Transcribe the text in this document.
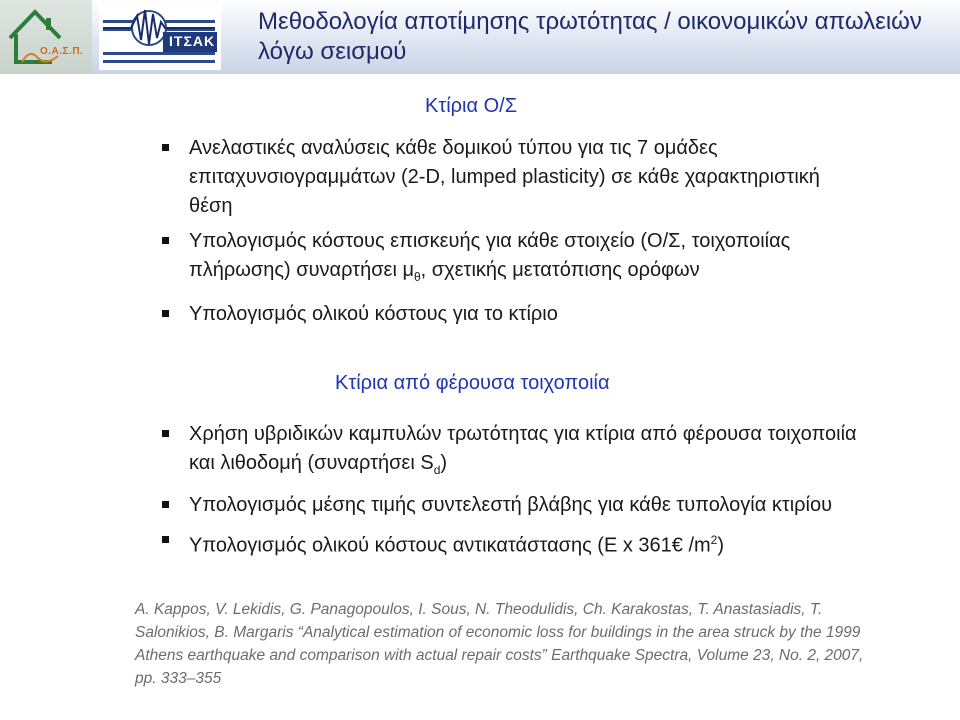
Ο.Α.Σ.Π.
ΙΤΣΑΚ
Μεθοδολογία αποτίμησης τρωτότητας / οικονομικών απωλειών λόγω σεισμού
Κτίρια Ο/Σ
Ανελαστικές αναλύσεις κάθε δομικού τύπου για τις 7 ομάδες επιταχυνσιογραμμάτων (2-D, lumped plasticity) σε κάθε χαρακτηριστική θέση
Υπολογισμός κόστους επισκευής για κάθε στοιχείο (Ο/Σ, τοιχοποιίας πλήρωσης) συναρτήσει $\mu_\theta$, σχετικής μετατόπισης ορόφων
Υπολογισμός ολικού κόστους για το κτίριο
Κτίρια από φέρουσα τοιχοποιία
Χρήση υβριδικών καμπυλών τρωτότητας για κτίρια από φέρουσα τοιχοποιία και λιθοδομή (συναρτήσει $S_d$)
Υπολογισμός μέσης τιμής συντελεστή βλάβης για κάθε τυπολογία κτιρίου
Υπολογισμός ολικού κόστους αντικατάστασης (E x 361€ $/m^2$)
A. Kappos, V. Lekidis, G. Panagopoulos, I. Sous, N. Theodulidis, Ch. Karakostas, T. Anastasiadis, T. Salonikios, B. Margaris “Analytical estimation of economic loss for buildings in the area struck by the 1999 Athens earthquake and comparison with actual repair costs” Earthquake Spectra, Volume 23, No. 2, 2007, pp. 333–355
